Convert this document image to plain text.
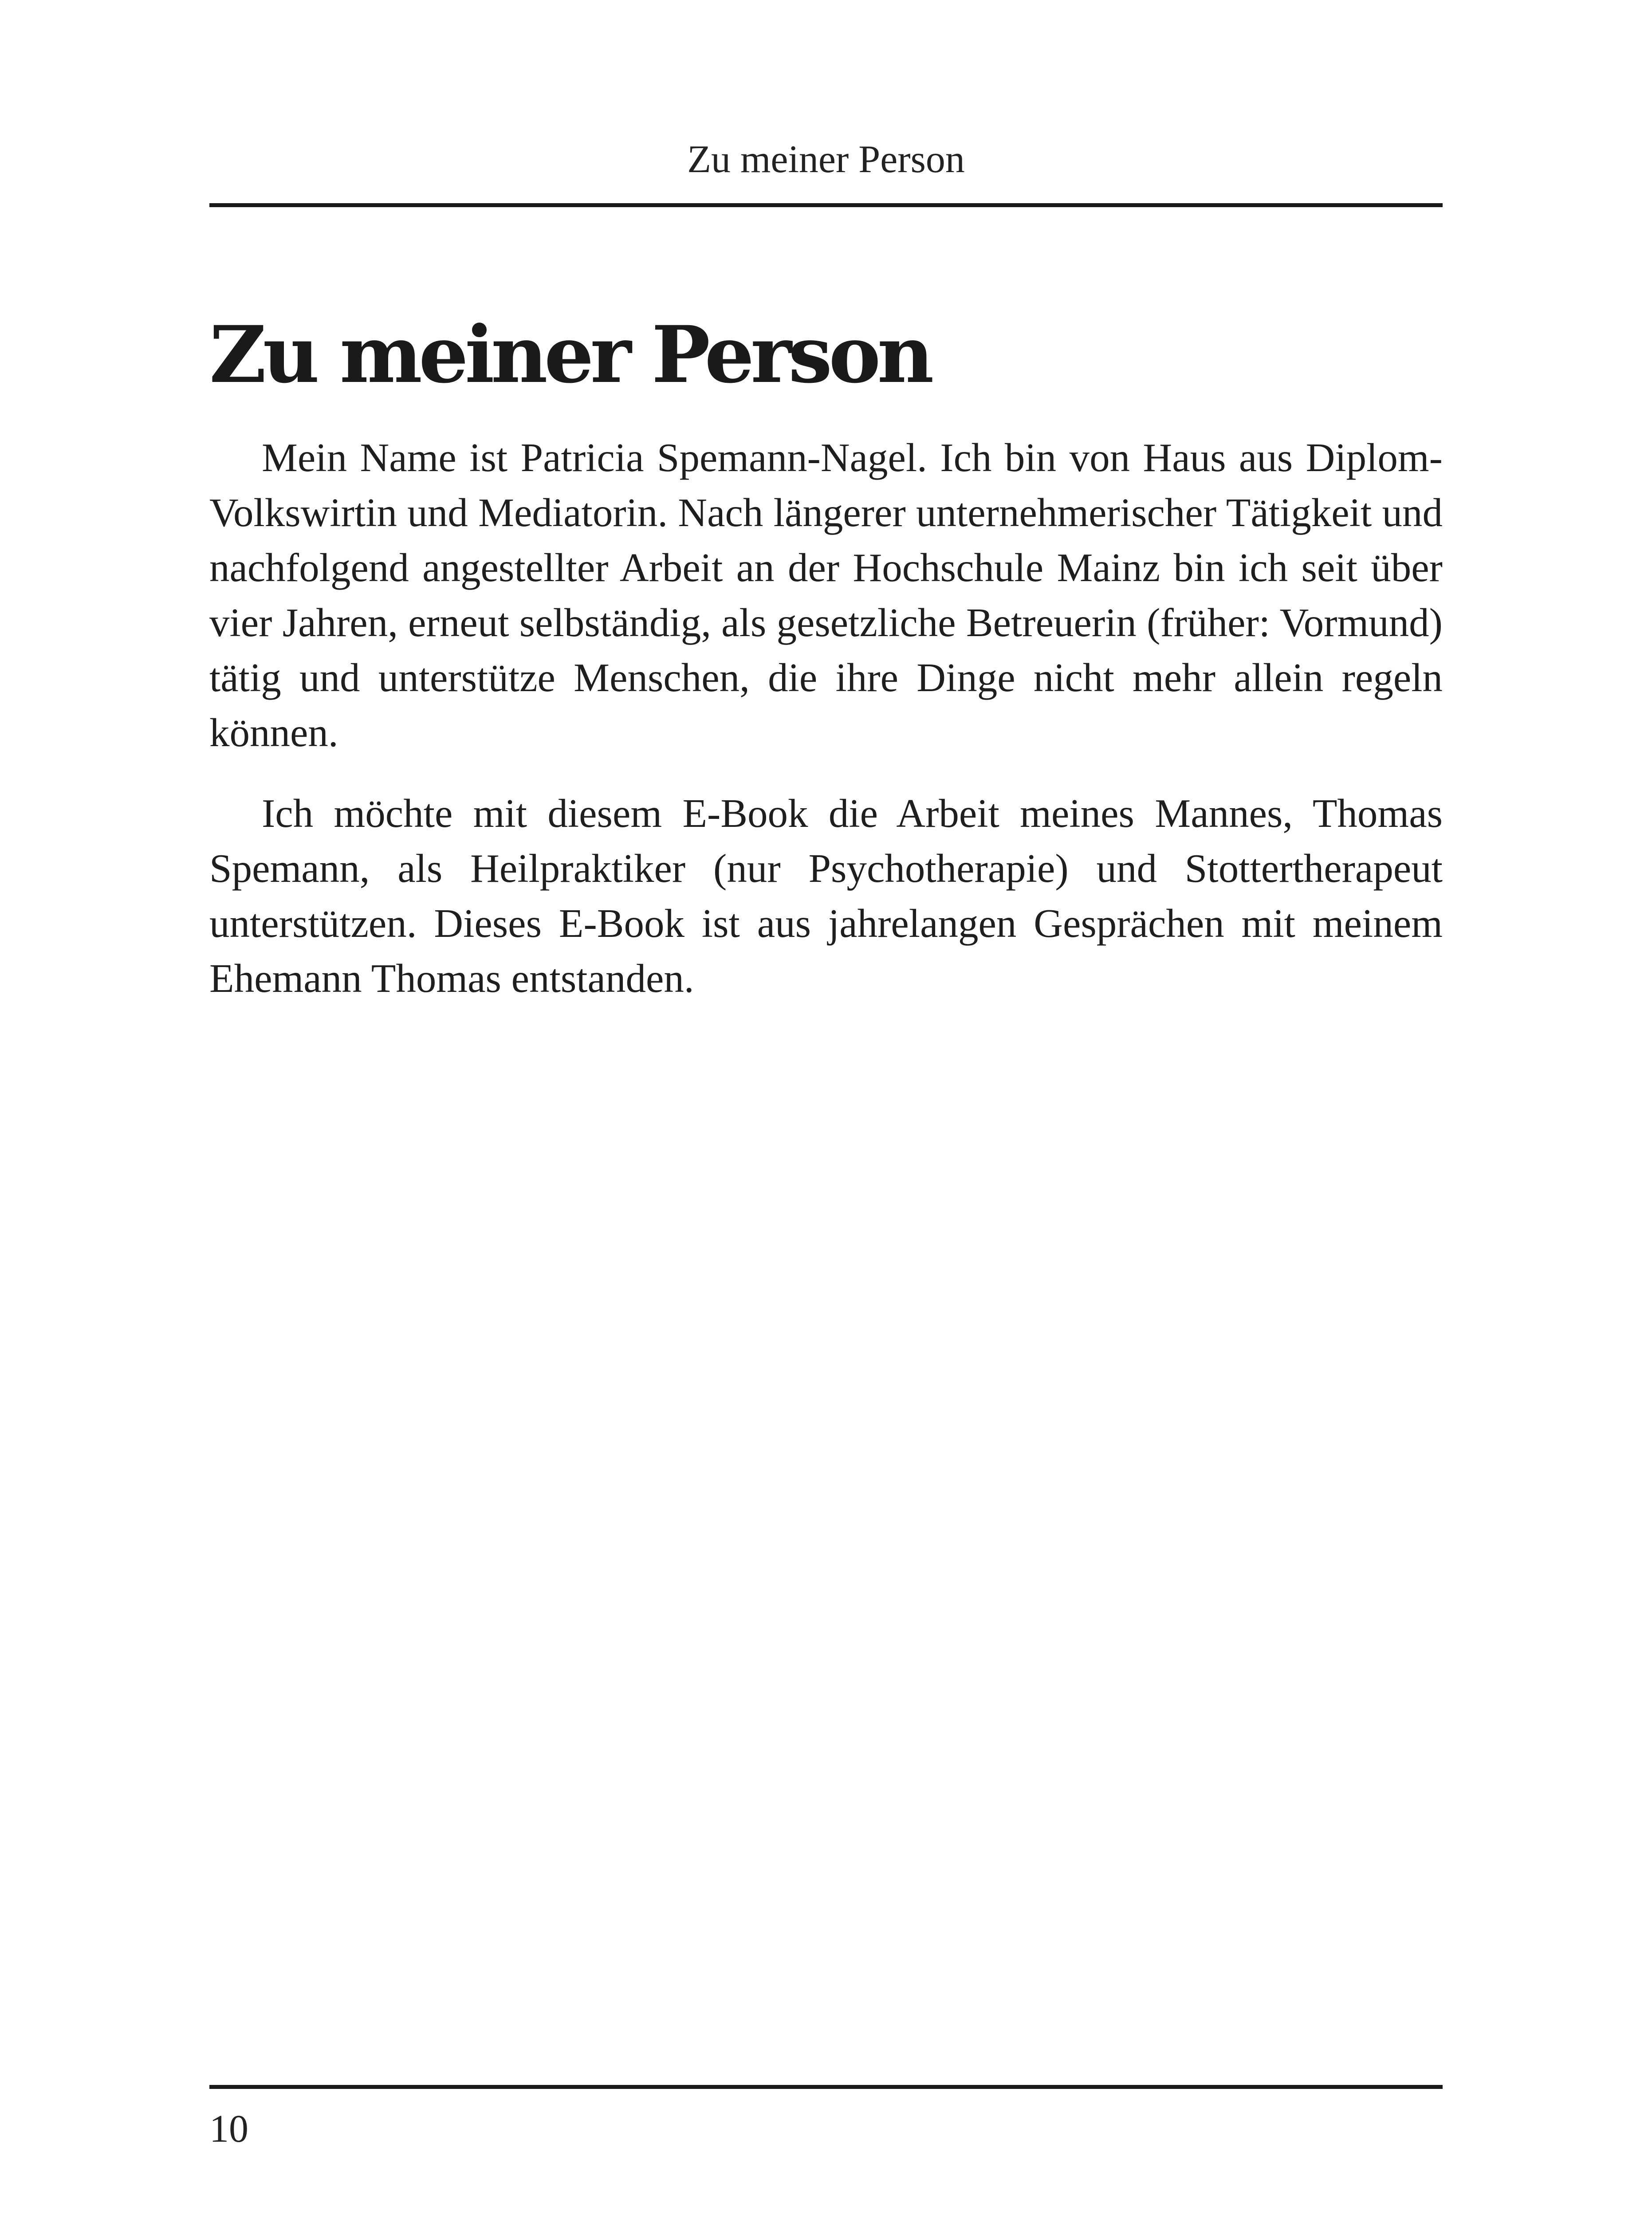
Zu meiner Person
Zu meiner Person

Mein Name ist Patricia Spemann-Nagel. Ich bin von Haus aus Diplom-Volkswirtin und Mediatorin. Nach längerer unternehmerischer Tätigkeit und nachfolgend angestellter Arbeit an der Hochschule Mainz bin ich seit über vier Jahren, erneut selbständig, als gesetzliche Betreuerin (früher: Vormund) tätig und unterstütze Menschen, die ihre Dinge nicht mehr allein regeln können.

Ich möchte mit diesem E-Book die Arbeit meines Mannes, Thomas Spemann, als Heilpraktiker (nur Psychotherapie) und Stottertherapeut unterstützen. Dieses E-Book ist aus jahrelangen Gesprächen mit meinem Ehemann Thomas entstanden.

10
